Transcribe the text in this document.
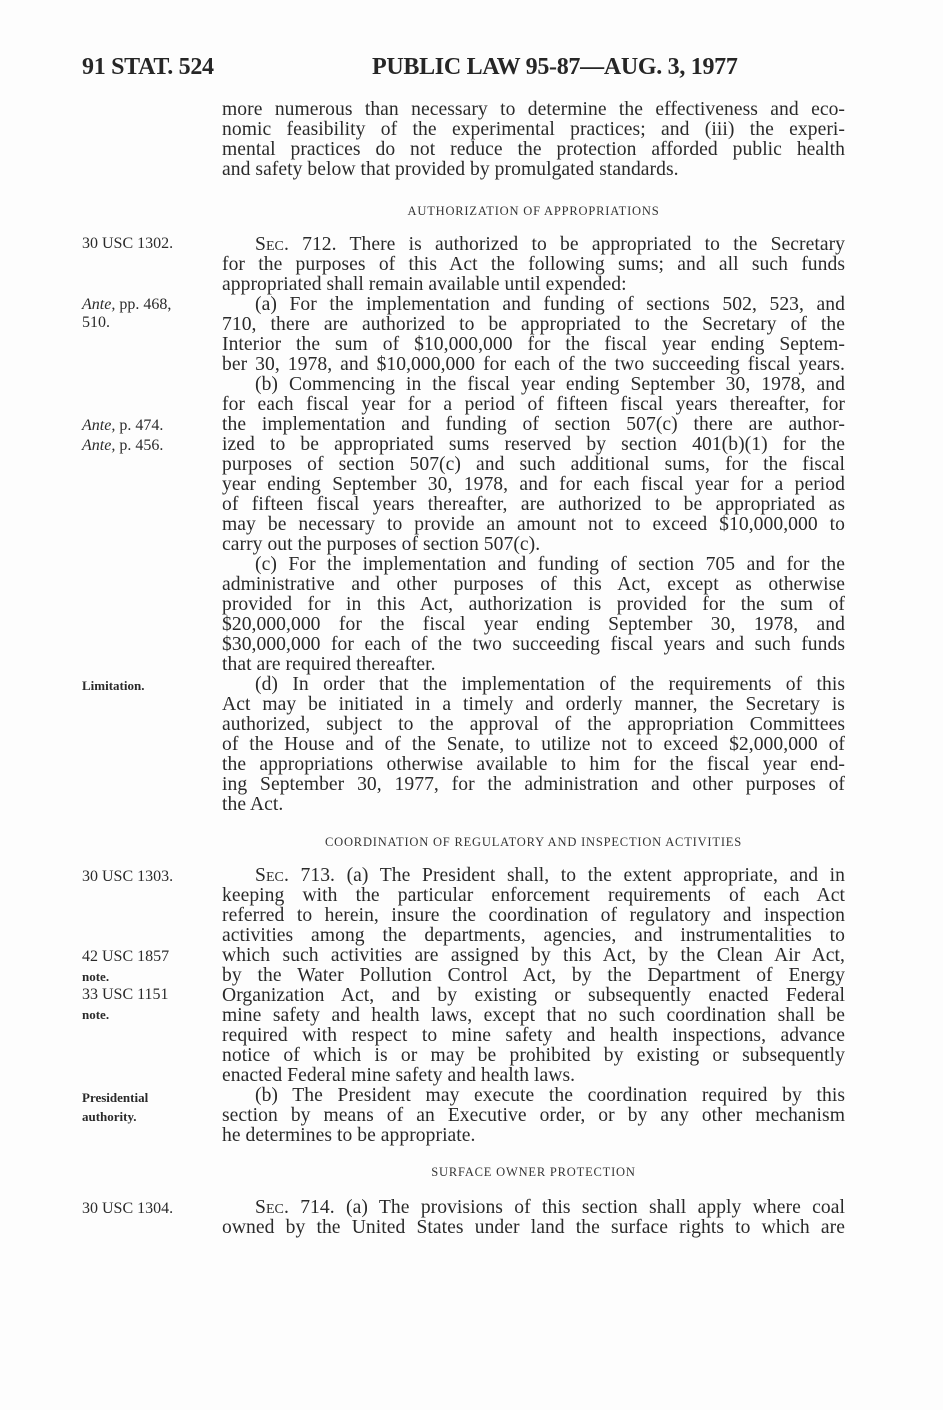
91 STAT. 524	PUBLIC LAW 95-87—AUG. 3, 1977
30 USC 1302.
Ante, pp. 468,
510.
Ante, p. 474.
Ante, p. 456.
Limitation.
30 USC 1303.
42 USC 1857
note.
33 USC 1151
note.
Presidential
authority.
30 USC 1304.
more numerous than necessary to determine the effectiveness and eco-
nomic feasibility of the experimental practices; and (iii) the experi-
mental practices do not reduce the protection afforded public health
and safety below that provided by promulgated standards.
AUTHORIZATION OF APPROPRIATIONS
Sec. 712. There is authorized to be appropriated to the Secretary
for the purposes of this Act the following sums; and all such funds
appropriated shall remain available until expended:
(a) For the implementation and funding of sections 502, 523, and
710, there are authorized to be appropriated to the Secretary of the
Interior the sum of $10,000,000 for the fiscal year ending Septem-
ber 30, 1978, and $10,000,000 for each of the two succeeding fiscal years.
(b) Commencing in the fiscal year ending September 30, 1978, and
for each fiscal year for a period of fifteen fiscal years thereafter, for
the implementation and funding of section 507(c) there are author-
ized to be appropriated sums reserved by section 401(b)(1) for the
purposes of section 507(c) and such additional sums, for the fiscal
year ending September 30, 1978, and for each fiscal year for a period
of fifteen fiscal years thereafter, are authorized to be appropriated as
may be necessary to provide an amount not to exceed $10,000,000 to
carry out the purposes of section 507(c).
(c) For the implementation and funding of section 705 and for the
administrative and other purposes of this Act, except as otherwise
provided for in this Act, authorization is provided for the sum of
$20,000,000 for the fiscal year ending September 30, 1978, and
$30,000,000 for each of the two succeeding fiscal years and such funds
that are required thereafter.
(d) In order that the implementation of the requirements of this
Act may be initiated in a timely and orderly manner, the Secretary is
authorized, subject to the approval of the appropriation Committees
of the House and of the Senate, to utilize not to exceed $2,000,000 of
the appropriations otherwise available to him for the fiscal year end-
ing September 30, 1977, for the administration and other purposes of
the Act.
COORDINATION OF REGULATORY AND INSPECTION ACTIVITIES
Sec. 713. (a) The President shall, to the extent appropriate, and in
keeping with the particular enforcement requirements of each Act
referred to herein, insure the coordination of regulatory and inspection
activities among the departments, agencies, and instrumentalities to
which such activities are assigned by this Act, by the Clean Air Act,
by the Water Pollution Control Act, by the Department of Energy
Organization Act, and by existing or subsequently enacted Federal
mine safety and health laws, except that no such coordination shall be
required with respect to mine safety and health inspections, advance
notice of which is or may be prohibited by existing or subsequently
enacted Federal mine safety and health laws.
(b) The President may execute the coordination required by this
section by means of an Executive order, or by any other mechanism
he determines to be appropriate.
SURFACE OWNER PROTECTION
Sec. 714. (a) The provisions of this section shall apply where coal
owned by the United States under land the surface rights to which are
